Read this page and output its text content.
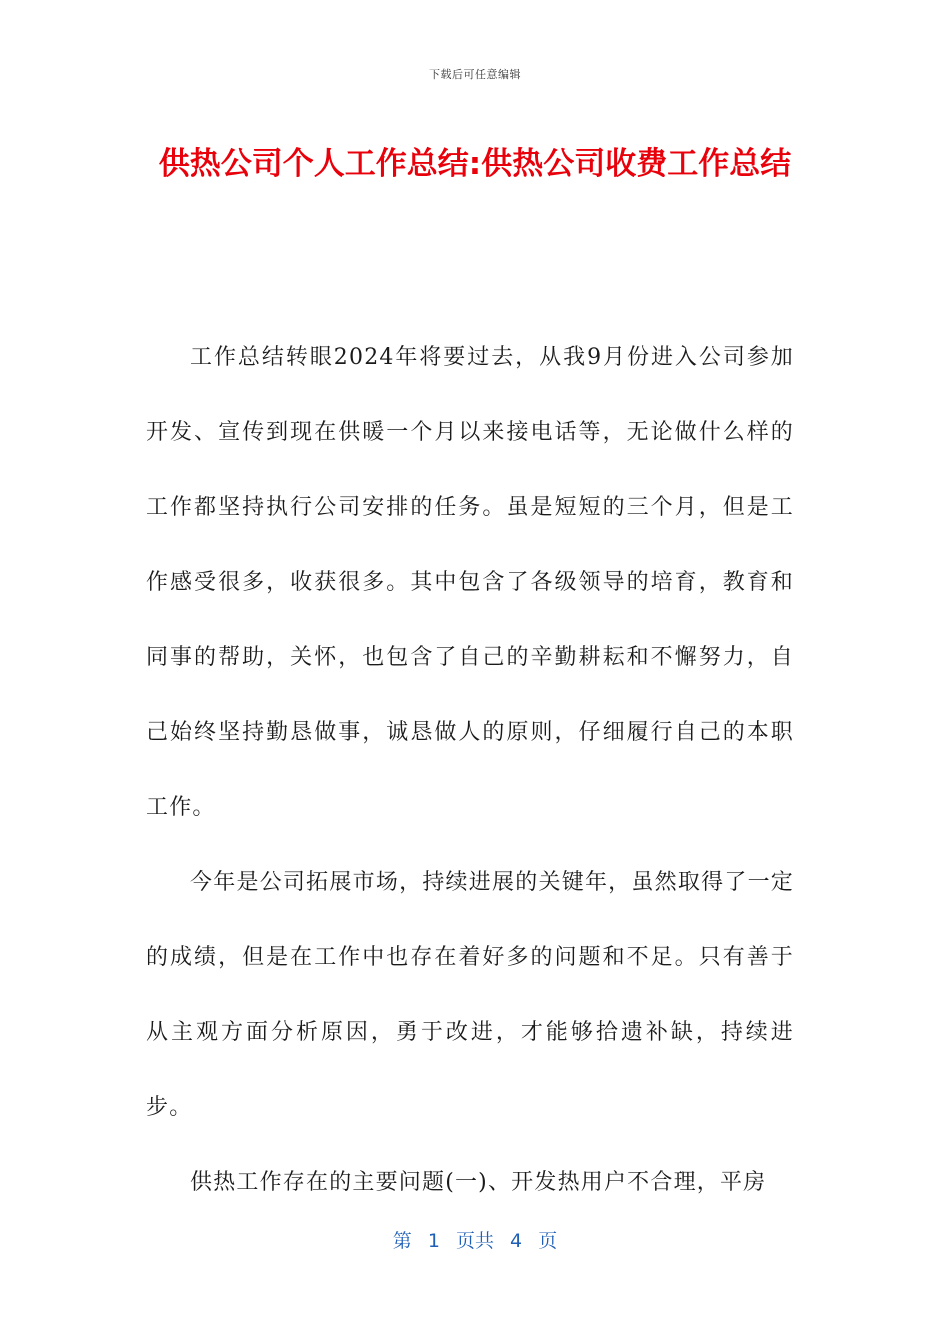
下载后可任意编辑
供热公司个人工作总结:供热公司收费工作总结

工作总结转眼2024年将要过去，从我9月份进入公司参加开发、宣传到现在供暖一个月以来接电话等，无论做什么样的工作都坚持执行公司安排的任务。虽是短短的三个月，但是工作感受很多，收获很多。其中包含了各级领导的培育，教育和同事的帮助，关怀，也包含了自己的辛勤耕耘和不懈努力，自己始终坚持勤恳做事，诚恳做人的原则，仔细履行自己的本职工作。

今年是公司拓展市场，持续进展的关键年，虽然取得了一定的成绩，但是在工作中也存在着好多的问题和不足。只有善于从主观方面分析原因，勇于改进，才能够拾遗补缺，持续进步。

供热工作存在的主要问题(一)、开发热用户不合理，平房

第 1 页共 4 页
